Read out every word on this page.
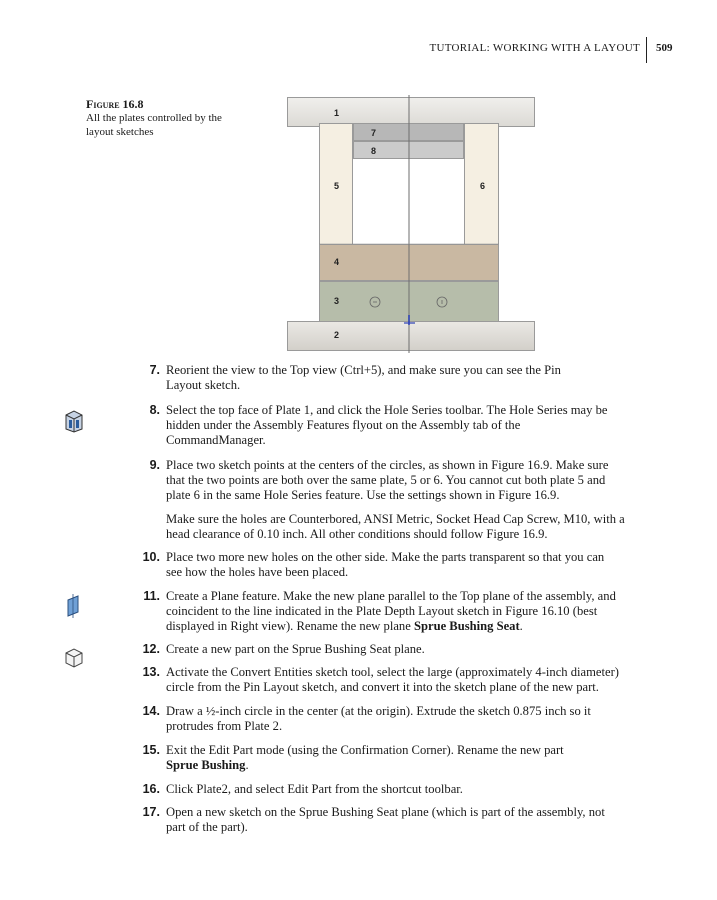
TUTORIAL: WORKING WITH A LAYOUT 509
Figure 16.8
All the plates controlled by the layout sketches
1
7
8
5	6
4
3
2
7. Reorient the view to the Top view (Ctrl+5), and make sure you can see the Pin
Layout sketch.
8. Select the top face of Plate 1, and click the Hole Series toolbar. The Hole Series may be
hidden under the Assembly Features flyout on the Assembly tab of the
CommandManager.
9. Place two sketch points at the centers of the circles, as shown in Figure 16.9. Make sure
that the two points are both over the same plate, 5 or 6. You cannot cut both plate 5 and
plate 6 in the same Hole Series feature. Use the settings shown in Figure 16.9.
Make sure the holes are Counterbored, ANSI Metric, Socket Head Cap Screw, M10, with a
head clearance of 0.10 inch. All other conditions should follow Figure 16.9.
10. Place two more new holes on the other side. Make the parts transparent so that you can
see how the holes have been placed.
11. Create a Plane feature. Make the new plane parallel to the Top plane of the assembly, and
coincident to the line indicated in the Plate Depth Layout sketch in Figure 16.10 (best
displayed in Right view). Rename the new plane Sprue Bushing Seat.
12. Create a new part on the Sprue Bushing Seat plane.
13. Activate the Convert Entities sketch tool, select the large (approximately 4-inch diameter)
circle from the Pin Layout sketch, and convert it into the sketch plane of the new part.
14. Draw a ½-inch circle in the center (at the origin). Extrude the sketch 0.875 inch so it
protrudes from Plate 2.
15. Exit the Edit Part mode (using the Confirmation Corner). Rename the new part
Sprue Bushing.
16. Click Plate2, and select Edit Part from the shortcut toolbar.
17. Open a new sketch on the Sprue Bushing Seat plane (which is part of the assembly, not
part of the part).
